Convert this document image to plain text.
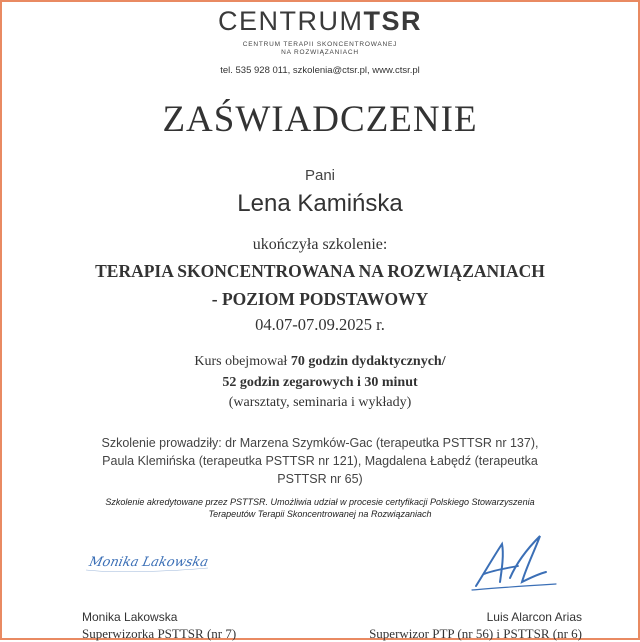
CENTRUMTSR
CENTRUM TERAPII SKONCENTROWANEJ
NA ROZWIĄZANIACH
tel. 535 928 011, szkolenia@ctsr.pl, www.ctsr.pl
ZAŚWIADCZENIE
Pani
Lena Kamińska
ukończyła szkolenie:
TERAPIA SKONCENTROWANA NA ROZWIĄZANIACH
- POZIOM PODSTAWOWY
04.07-07.09.2025 r.
Kurs obejmował 70 godzin dydaktycznych/
52 godzin zegarowych i 30 minut
(warsztaty, seminaria i wykłady)
Szkolenie prowadziły: dr Marzena Szymków-Gac (terapeutka PSTTSR nr 137),
Paula Klemińska (terapeutka PSTTSR nr 121), Magdalena Łabędź (terapeutka
PSTTSR nr 65)
Szkolenie akredytowane przez PSTTSR. Umożliwia udział w procesie certyfikacji Polskiego Stowarzyszenia
Terapeutów Terapii Skoncentrowanej na Rozwiązaniach
Monika Lakowska
Monika Lakowska
Superwizorka PSTTSR (nr 7)
Luis Alarcon Arias
Superwizor PTP (nr 56) i PSTTSR (nr 6)
